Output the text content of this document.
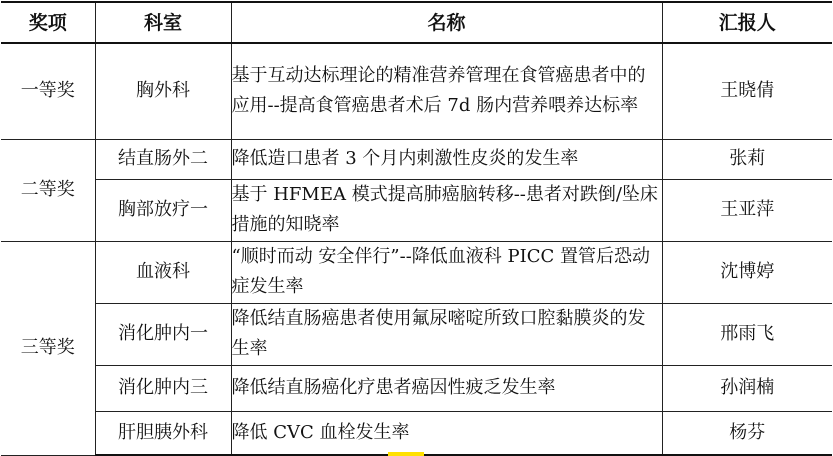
奖项	科室	名称	汇报人
一等奖	胸外科	基于互动达标理论的精准营养管理在食管癌患者中的应用--提高食管癌患者术后 7d 肠内营养喂养达标率	王晓倩
二等奖	结直肠外二	降低造口患者 3 个月内刺激性皮炎的发生率	张莉
	胸部放疗一	基于 HFMEA 模式提高肺癌脑转移--患者对跌倒/坠床措施的知晓率	王亚萍
三等奖	血液科	“顺时而动 安全伴行”--降低血液科 PICC 置管后恐动症发生率	沈博婷
	消化肿内一	降低结直肠癌患者使用氟尿嘧啶所致口腔黏膜炎的发生率	邢雨飞
	消化肿内三	降低结直肠癌化疗患者癌因性疲乏发生率	孙润楠
	肝胆胰外科	降低 CVC 血栓发生率	杨芬
